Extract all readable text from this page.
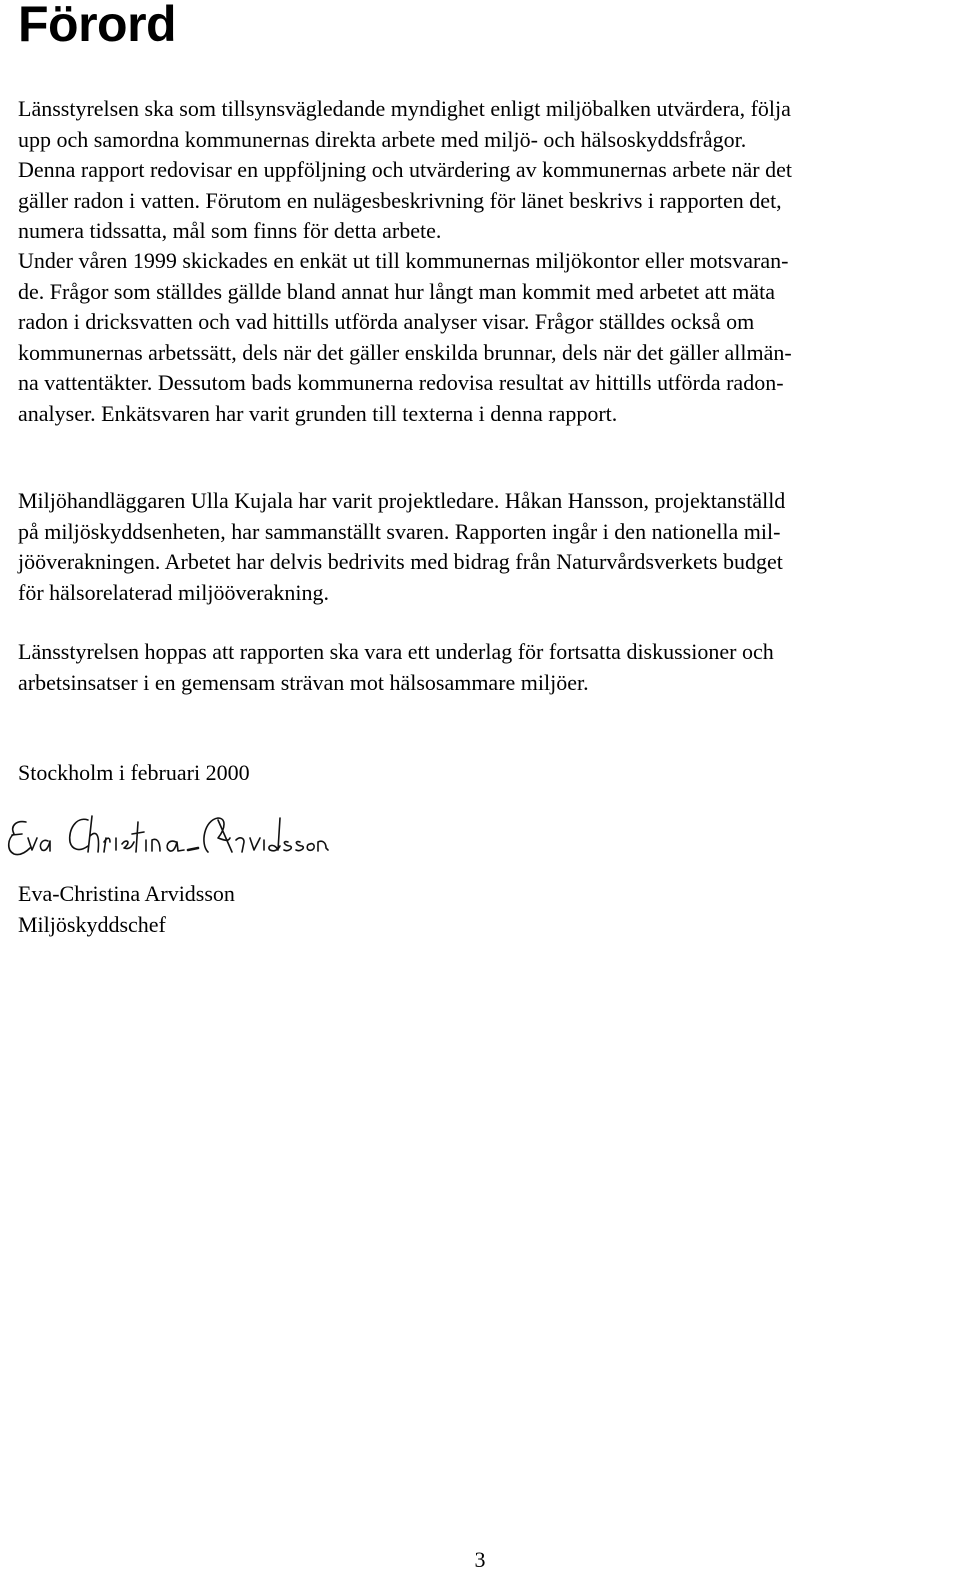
Förord

Länsstyrelsen ska som tillsynsvägledande myndighet enligt miljöbalken utvärdera, följa
upp och samordna kommunernas direkta arbete med miljö- och hälsoskyddsfrågor.
Denna rapport redovisar en uppföljning och utvärdering av kommunernas arbete när det
gäller radon i vatten. Förutom en nulägesbeskrivning för länet beskrivs i rapporten det,
numera tidssatta, mål som finns för detta arbete.

Under våren 1999 skickades en enkät ut till kommunernas miljökontor eller motsvaran-
de. Frågor som ställdes gällde bland annat hur långt man kommit med arbetet att mäta
radon i dricksvatten och vad hittills utförda analyser visar. Frågor ställdes också om
kommunernas arbetssätt, dels när det gäller enskilda brunnar, dels när det gäller allmän-
na vattentäkter. Dessutom bads kommunerna redovisa resultat av hittills utförda radon-
analyser. Enkätsvaren har varit grunden till texterna i denna rapport.

Miljöhandläggaren Ulla Kujala har varit projektledare. Håkan Hansson, projektanställd
på miljöskyddsenheten, har sammanställt svaren. Rapporten ingår i den nationella mil-
jööverakningen. Arbetet har delvis bedrivits med bidrag från Naturvårdsverkets budget
för hälsorelaterad miljööverakning.

Länsstyrelsen hoppas att rapporten ska vara ett underlag för fortsatta diskussioner och
arbetsinsatser i en gemensam strävan mot hälsosammare miljöer.

Stockholm i februari 2000

Eva-Christina Arvidsson
Miljöskyddschef

3
